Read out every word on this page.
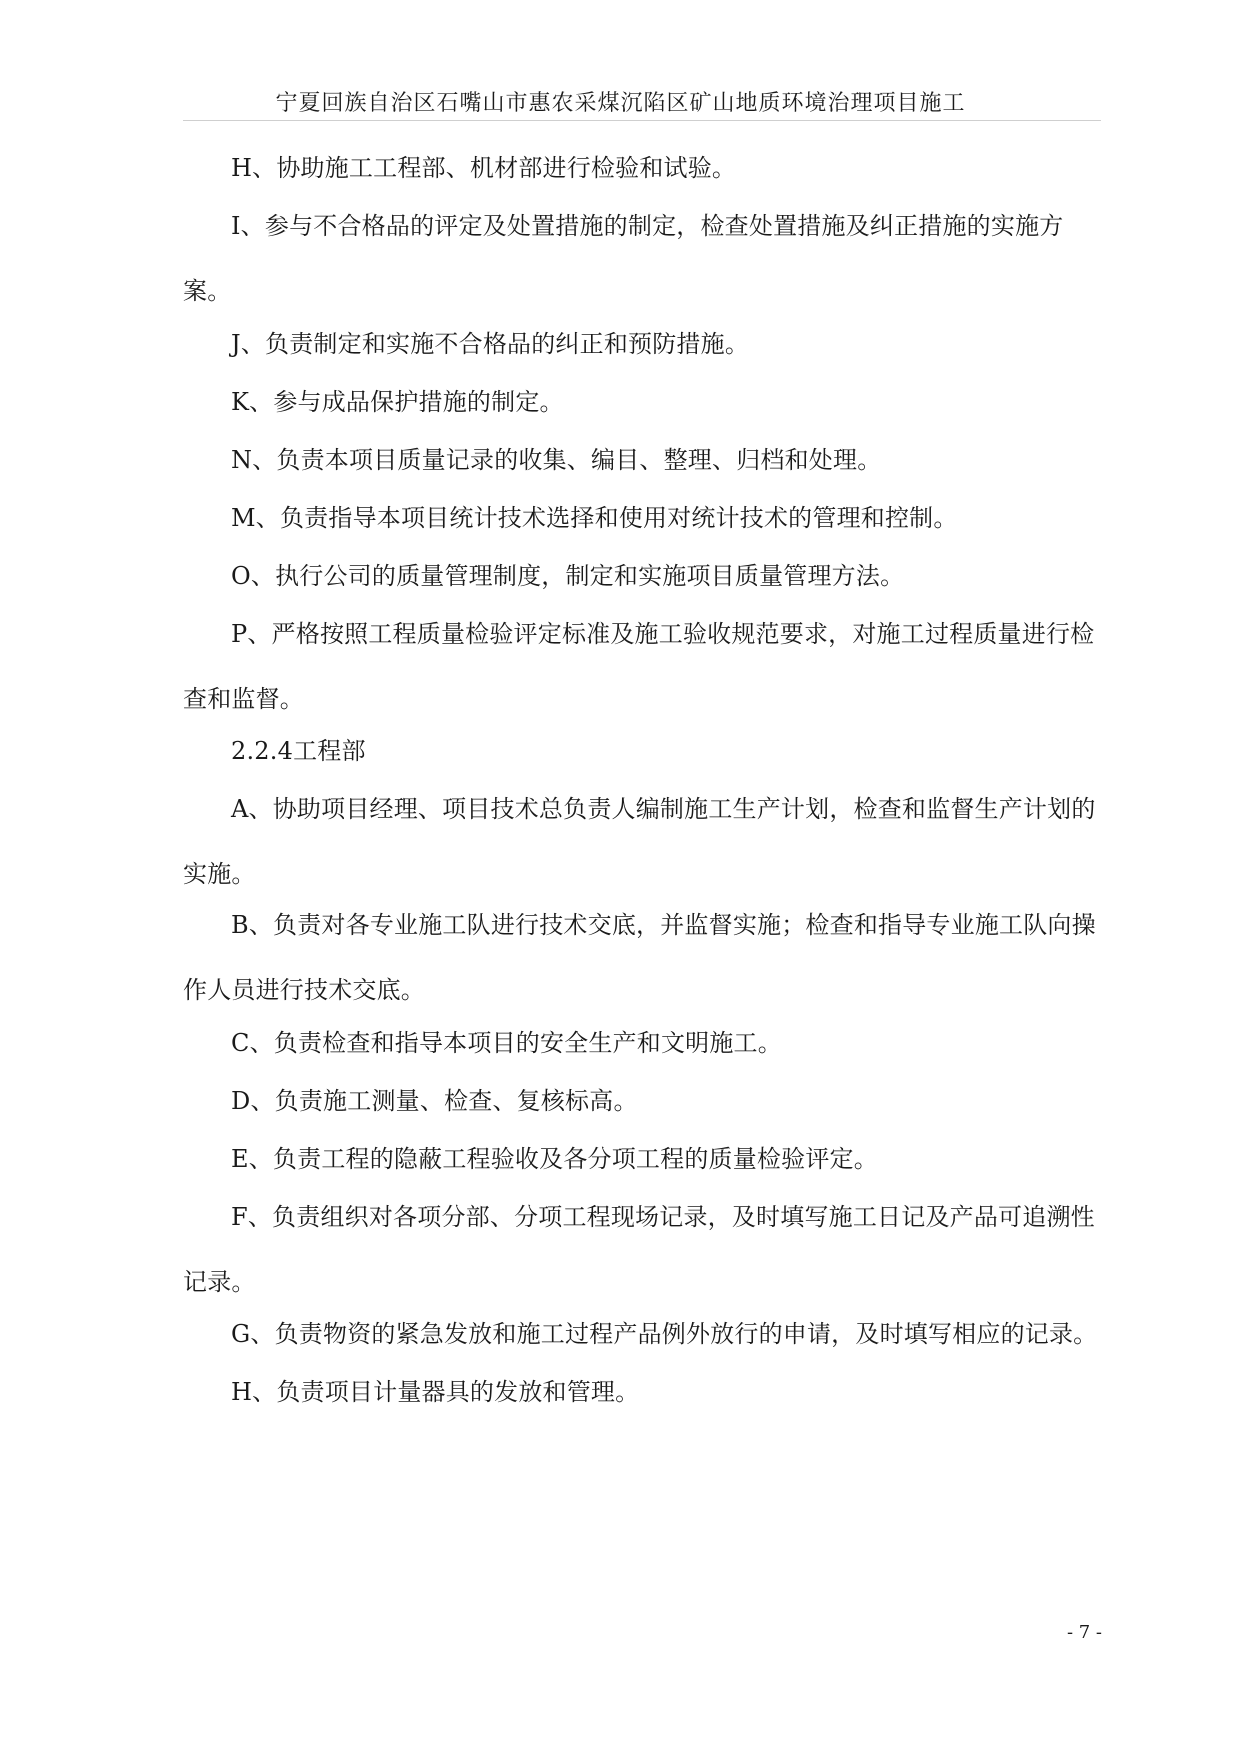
宁夏回族自治区石嘴山市惠农采煤沉陷区矿山地质环境治理项目施工
H、协助施工工程部、机材部进行检验和试验。
I、参与不合格品的评定及处置措施的制定，检查处置措施及纠正措施的实施方案。
J、负责制定和实施不合格品的纠正和预防措施。
K、参与成品保护措施的制定。
N、负责本项目质量记录的收集、编目、整理、归档和处理。
M、负责指导本项目统计技术选择和使用对统计技术的管理和控制。
O、执行公司的质量管理制度，制定和实施项目质量管理方法。
P、严格按照工程质量检验评定标准及施工验收规范要求，对施工过程质量进行检查和监督。
2.2.4工程部
A、协助项目经理、项目技术总负责人编制施工生产计划，检查和监督生产计划的实施。
B、负责对各专业施工队进行技术交底，并监督实施；检查和指导专业施工队向操作人员进行技术交底。
C、负责检查和指导本项目的安全生产和文明施工。
D、负责施工测量、检查、复核标高。
E、负责工程的隐蔽工程验收及各分项工程的质量检验评定。
F、负责组织对各项分部、分项工程现场记录，及时填写施工日记及产品可追溯性记录。
G、负责物资的紧急发放和施工过程产品例外放行的申请，及时填写相应的记录。
H、负责项目计量器具的发放和管理。
- 7 -
